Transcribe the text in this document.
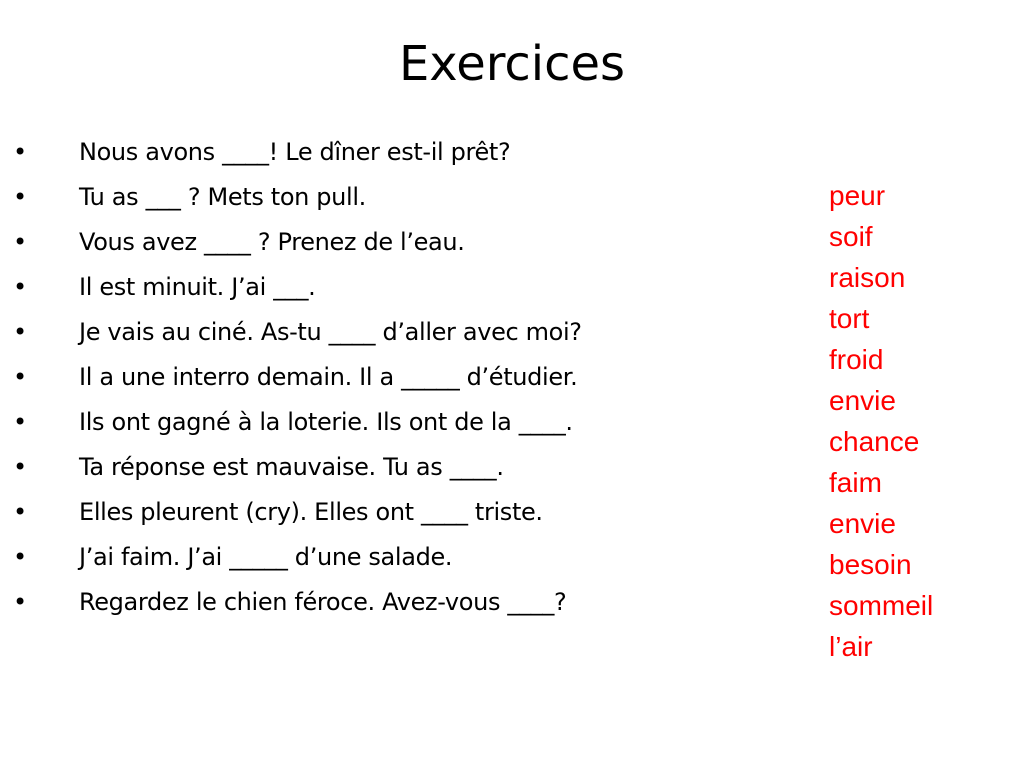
Exercices
• Nous avons ____! Le dîner est-il prêt?
• Tu as ___ ? Mets ton pull.
• Vous avez ____ ? Prenez de l’eau.
• Il est minuit. J’ai ___.
• Je vais au ciné. As-tu ____ d’aller avec moi?
• Il a une interro demain. Il a _____ d’étudier.
• Ils ont gagné à la loterie. Ils ont de la ____.
• Ta réponse est mauvaise. Tu as ____.
• Elles pleurent (cry). Elles ont ____ triste.
• J’ai faim. J’ai _____ d’une salade.
• Regardez le chien féroce. Avez-vous ____?
peur
soif
raison
tort
froid
envie
chance
faim
envie
besoin
sommeil
l’air
